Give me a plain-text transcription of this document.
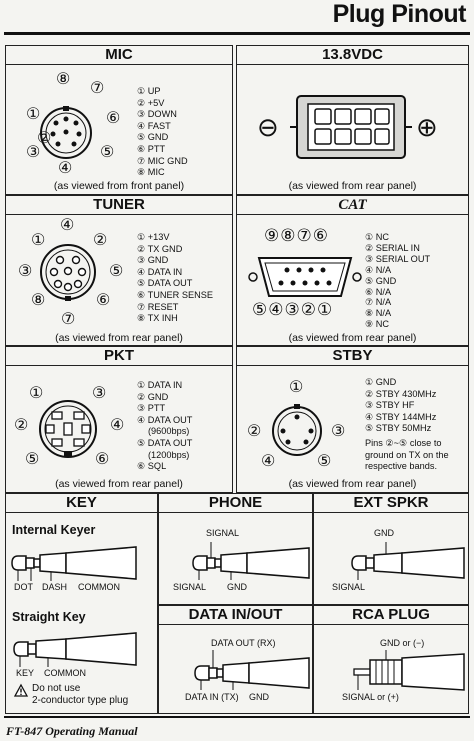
Plug Pinout
MIC
⑧
⑦
①	⑥
③	⑤
④
②
① UP
② +5V
③ DOWN
④ FAST
⑤ GND
⑥ PTT
⑦ MIC GND
⑧ MIC
(as viewed from front panel)
13.8VDC
⊖	⊕
(as viewed from rear panel)
TUNER
④
①	②
③	⑤
⑧	⑥
⑦
① +13V
② TX GND
③ GND
④ DATA IN
⑤ DATA OUT
⑥ TUNER SENSE
⑦ RESET
⑧ TX INH
(as viewed from rear panel)
CAT
⑨⑧⑦⑥
⑤④③②①
① NC
② SERIAL IN
③ SERIAL OUT
④ N/A
⑤ GND
⑥ N/A
⑦ N/A
⑧ N/A
⑨ NC
(as viewed from rear panel)
PKT
①	③
②	④
⑤	⑥
① DATA IN
② GND
③ PTT
④ DATA OUT
(9600bps)
⑤ DATA OUT
(1200bps)
⑥ SQL
(as viewed from rear panel)
STBY
①
②	③
④	⑤
① GND
② STBY 430MHz
③ STBY HF
④ STBY 144MHz
⑤ STBY 50MHz
Pins ②~⑤ close to
ground on TX on the
respective bands.
(as viewed from rear panel)
KEY
Internal Keyer
DOT DASH COMMON
Straight Key
KEY COMMON
Do not use
2-conductor type plug
PHONE
SIGNAL
SIGNAL GND
EXT SPKR
GND
SIGNAL
DATA IN/OUT
DATA OUT (RX)
DATA IN (TX) GND
RCA PLUG
GND or (−)
SIGNAL or (+)
FT-847 Operating Manual
